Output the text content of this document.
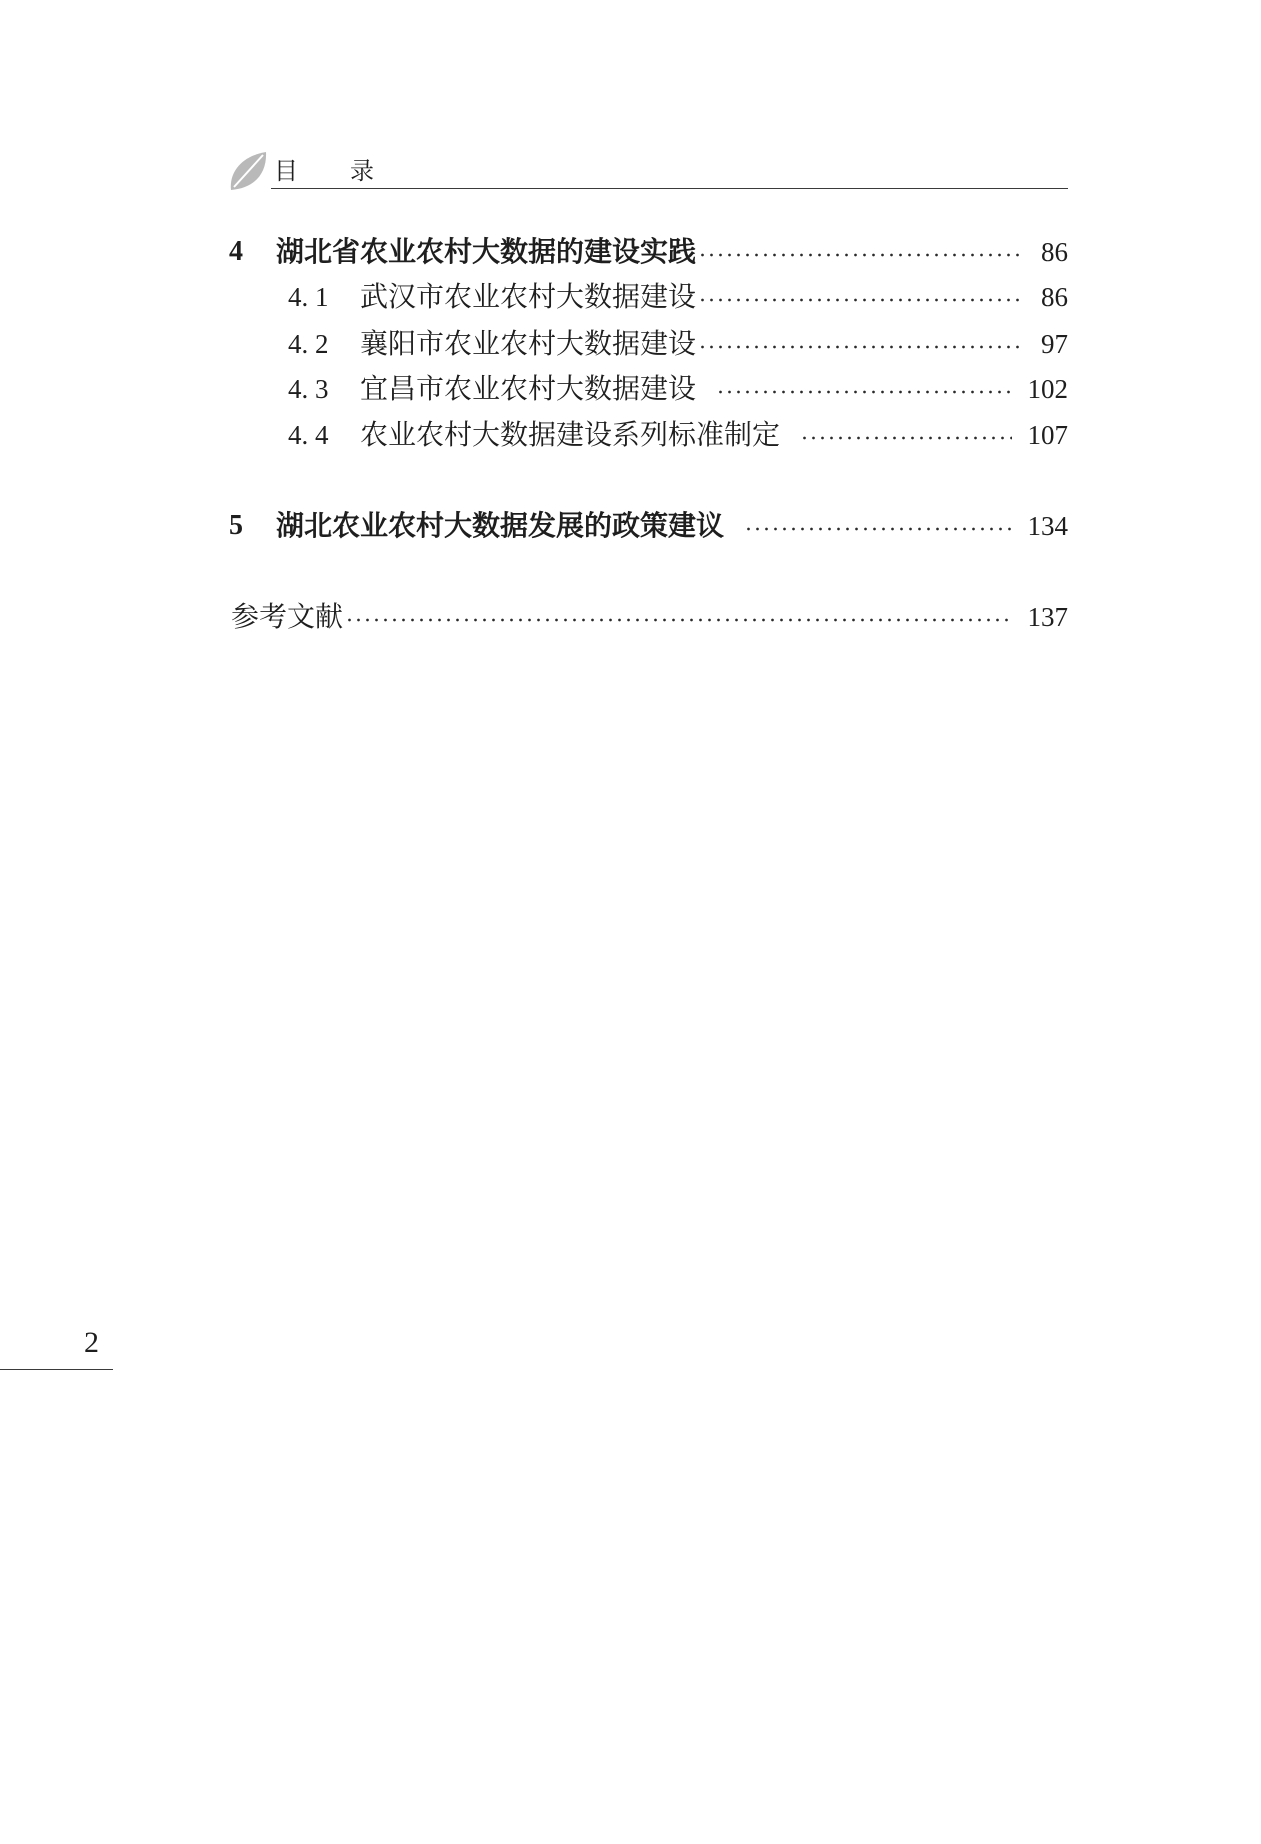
目录
4	湖北省农业农村大数据的建设实践	86
4. 1	武汉市农业农村大数据建设	86
4. 2	襄阳市农业农村大数据建设	97
4. 3	宜昌市农业农村大数据建设	102
4. 4	农业农村大数据建设系列标准制定	107
5	湖北农业农村大数据发展的政策建议	134
参考文献	137
2
